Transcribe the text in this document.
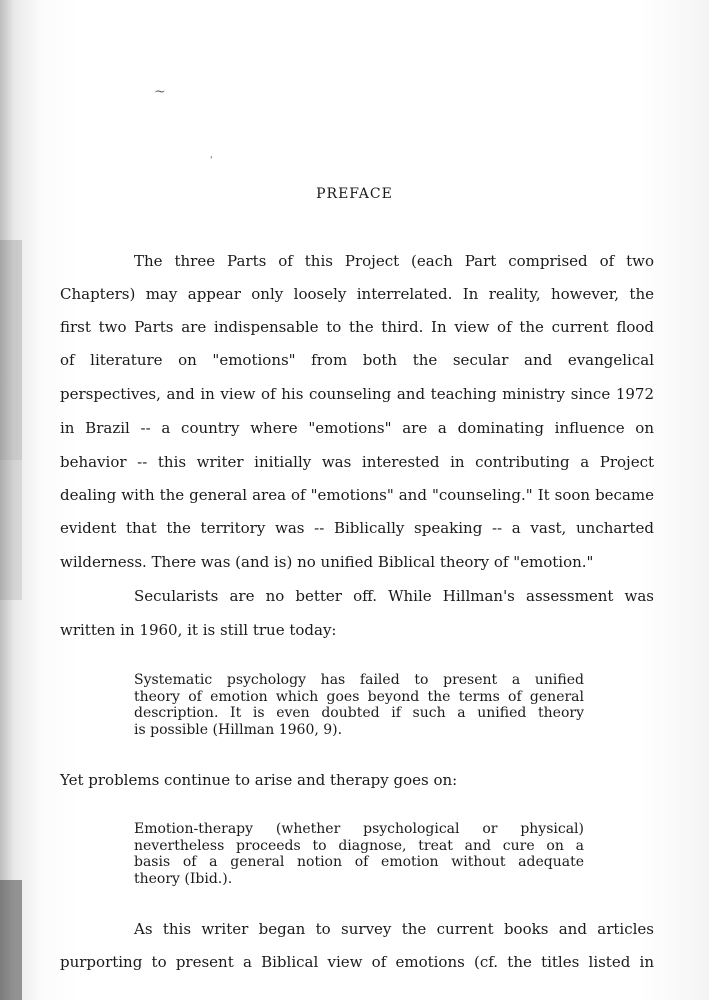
~
'
PREFACE
The three Parts of this Project (each Part comprised of two
Chapters) may appear only loosely interrelated. In reality, however, the
first two Parts are indispensable to the third. In view of the current flood
of literature on "emotions" from both the secular and evangelical
perspectives, and in view of his counseling and teaching ministry since 1972
in Brazil -- a country where "emotions" are a dominating influence on
behavior -- this writer initially was interested in contributing a Project
dealing with the general area of "emotions" and "counseling." It soon became
evident that the territory was -- Biblically speaking -- a vast, uncharted
wilderness. There was (and is) no unified Biblical theory of "emotion."
Secularists are no better off. While Hillman's assessment was
written in 1960, it is still true today:
Systematic psychology has failed to present a unified
theory of emotion which goes beyond the terms of general
description. It is even doubted if such a unified theory
is possible (Hillman 1960, 9).
Yet problems continue to arise and therapy goes on:
Emotion-therapy (whether psychological or physical)
nevertheless proceeds to diagnose, treat and cure on a
basis of a general notion of emotion without adequate
theory (Ibid.).
As this writer began to survey the current books and articles
purporting to present a Biblical view of emotions (cf. the titles listed in
